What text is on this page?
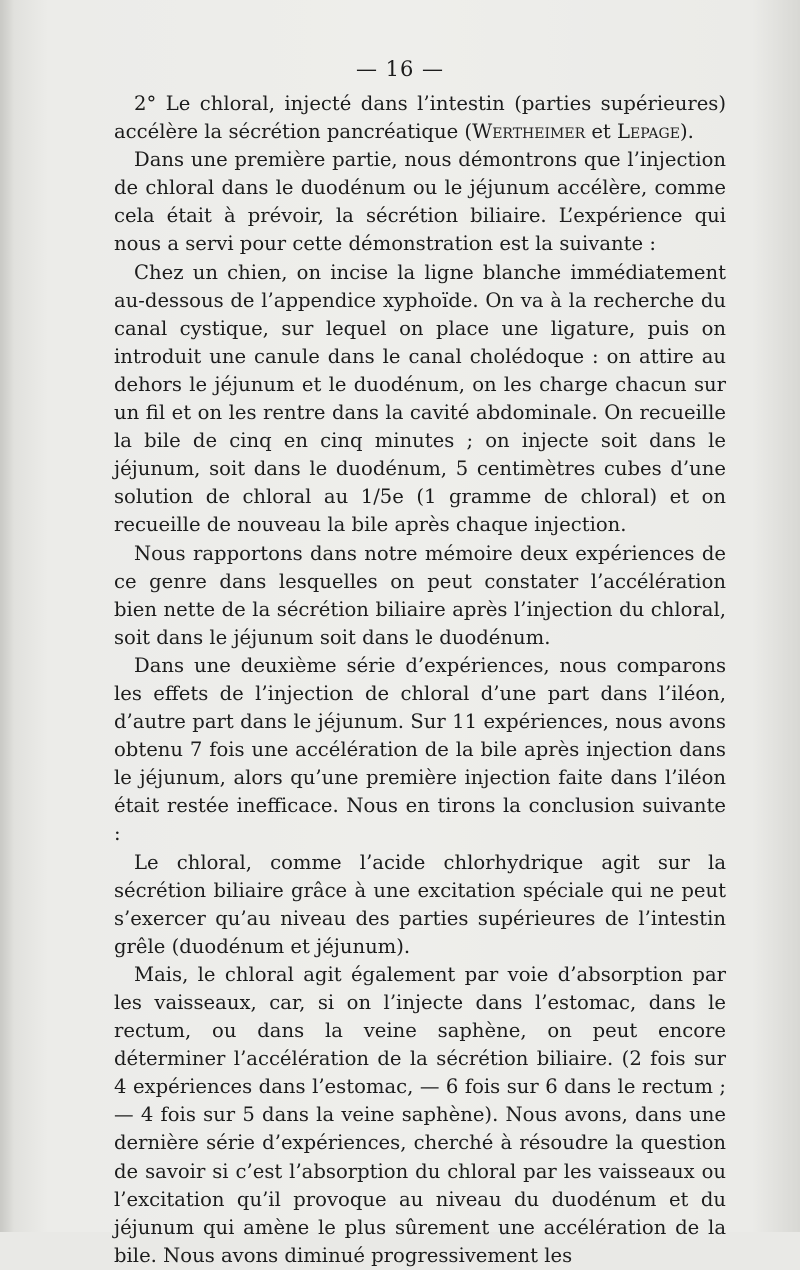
— 16 —

2° Le chloral, injecté dans l’intestin (parties supérieures) accélère la sécrétion pancréatique (Wertheimer et Lepage).

Dans une première partie, nous démontrons que l’injection de chloral dans le duodénum ou le jéjunum accélère, comme cela était à prévoir, la sécrétion biliaire. L’expérience qui nous a servi pour cette démonstration est la suivante :

Chez un chien, on incise la ligne blanche immédiatement au-dessous de l’appendice xyphoïde. On va à la recherche du canal cystique, sur lequel on place une ligature, puis on introduit une canule dans le canal cholédoque : on attire au dehors le jéjunum et le duodénum, on les charge chacun sur un fil et on les rentre dans la cavité abdominale. On recueille la bile de cinq en cinq minutes ; on injecte soit dans le jéjunum, soit dans le duodénum, 5 centimètres cubes d’une solution de chloral au 1/5e (1 gramme de chloral) et on recueille de nouveau la bile après chaque injection.

Nous rapportons dans notre mémoire deux expériences de ce genre dans lesquelles on peut constater l’accélération bien nette de la sécrétion biliaire après l’injection du chloral, soit dans le jéjunum soit dans le duodénum.

Dans une deuxième série d’expériences, nous comparons les effets de l’injection de chloral d’une part dans l’iléon, d’autre part dans le jéjunum. Sur 11 expériences, nous avons obtenu 7 fois une accélération de la bile après injection dans le jéjunum, alors qu’une première injection faite dans l’iléon était restée inefficace. Nous en tirons la conclusion suivante :

Le chloral, comme l’acide chlorhydrique agit sur la sécrétion biliaire grâce à une excitation spéciale qui ne peut s’exercer qu’au niveau des parties supérieures de l’intestin grêle (duodénum et jéjunum).

Mais, le chloral agit également par voie d’absorption par les vaisseaux, car, si on l’injecte dans l’estomac, dans le rectum, ou dans la veine saphène, on peut encore déterminer l’accélération de la sécrétion biliaire. (2 fois sur 4 expériences dans l’estomac, — 6 fois sur 6 dans le rectum ; — 4 fois sur 5 dans la veine saphène). Nous avons, dans une dernière série d’expériences, cherché à résoudre la question de savoir si c’est l’absorption du chloral par les vaisseaux ou l’excitation qu’il provoque au niveau du duodénum et du jéjunum qui amène le plus sûrement une accélération de la bile. Nous avons diminué progressivement les
